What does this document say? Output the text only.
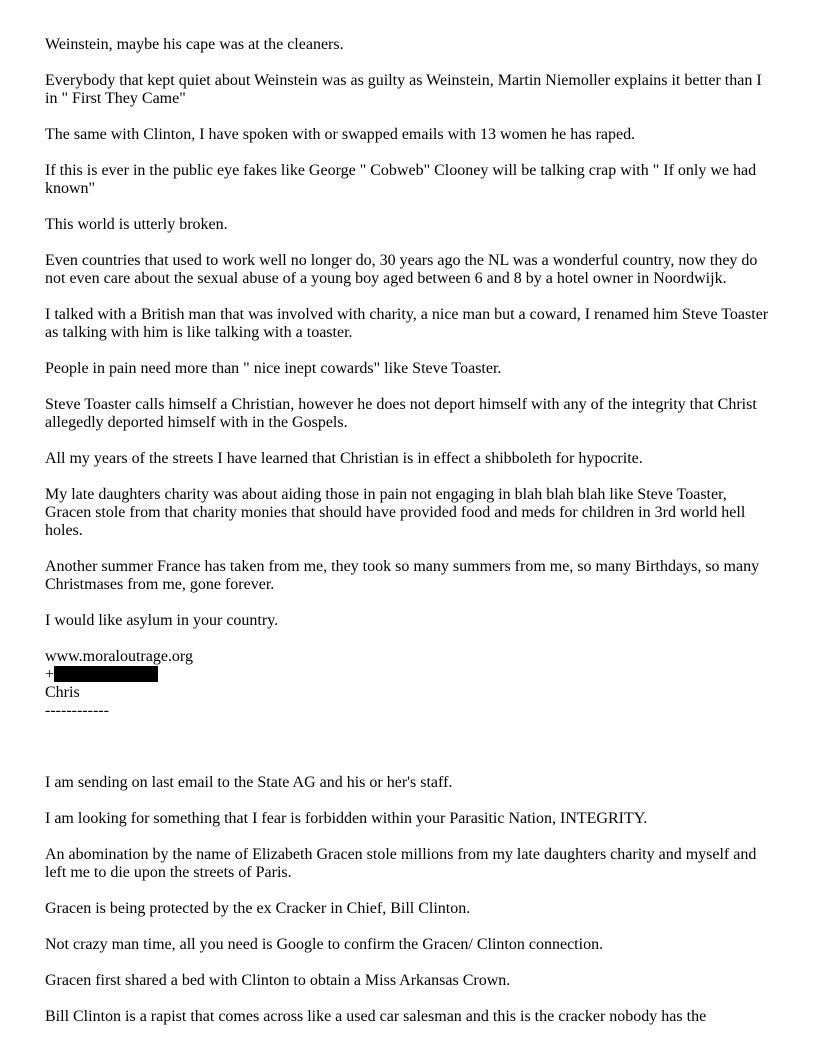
Weinstein, maybe his cape was at the cleaners.

Everybody that kept quiet about Weinstein was as guilty as Weinstein, Martin Niemoller explains it better than I in " First They Came"

The same with Clinton, I have spoken with or swapped emails with 13 women he has raped.

If this is ever in the public eye fakes like George " Cobweb" Clooney will be talking crap with " If only we had known"

This world is utterly broken.

Even countries that used to work well no longer do, 30 years ago the NL was a wonderful country, now they do not even care about the sexual abuse of a young boy aged between 6 and 8 by a hotel owner in Noordwijk.

I talked with a British man that was involved with charity, a nice man but a coward, I renamed him Steve Toaster as talking with him is like talking with a toaster.

People in pain need more than " nice inept cowards" like Steve Toaster.

Steve Toaster calls himself a Christian, however he does not deport himself with any of the integrity that Christ allegedly deported himself with in the Gospels.

All my years of the streets I have learned that Christian is in effect a shibboleth for hypocrite.

My late daughters charity was about aiding those in pain not engaging in blah blah blah like Steve Toaster, Gracen stole from that charity monies that should have provided food and meds for children in 3rd world hell holes.

Another summer France has taken from me, they took so many summers from me, so many Birthdays, so many Christmases from me, gone forever.

I would like asylum in your country.

www.moraloutrage.org
+
Chris
------------

I am sending on last email to the State AG and his or her's staff.

I am looking for something that I fear is forbidden within your Parasitic Nation, INTEGRITY.

An abomination by the name of Elizabeth Gracen stole millions from my late daughters charity and myself and left me to die upon the streets of Paris.

Gracen is being protected by the ex Cracker in Chief, Bill Clinton.

Not crazy man time, all you need is Google to confirm the Gracen/ Clinton connection.

Gracen first shared a bed with Clinton to obtain a Miss Arkansas Crown.

Bill Clinton is a rapist that comes across like a used car salesman and this is the cracker nobody has the
